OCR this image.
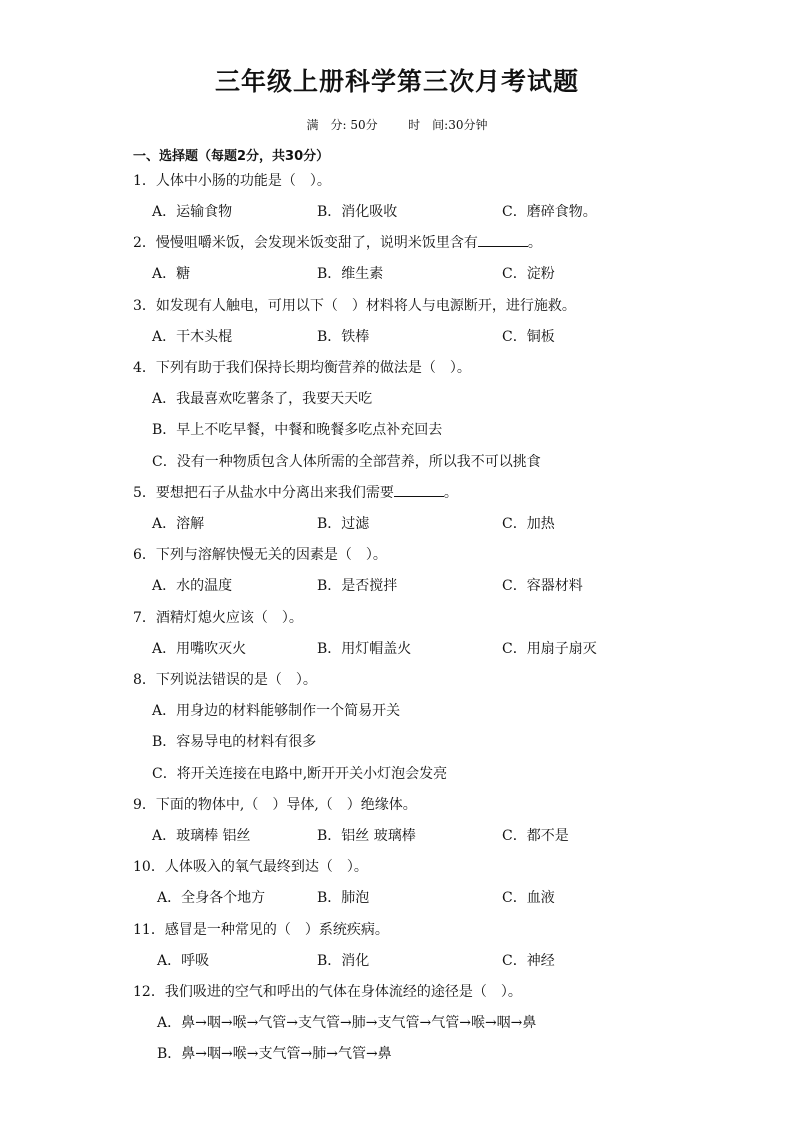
三年级上册科学第三次月考试题
满　分: 50分	时　间:30分钟
一、选择题（每题2分，共30分）
1．人体中小肠的功能是（　）。
A．运输食物	B．消化吸收	C．磨碎食物。
2．慢慢咀嚼米饭，会发现米饭变甜了，说明米饭里含有	。
A．糖	B．维生素	C．淀粉
3．如发现有人触电，可用以下（　）材料将人与电源断开，进行施救。
A．干木头棍	B．铁棒	C．铜板
4．下列有助于我们保持长期均衡营养的做法是（　）。
A．我最喜欢吃薯条了，我要天天吃
B．早上不吃早餐，中餐和晚餐多吃点补充回去
C．没有一种物质包含人体所需的全部营养，所以我不可以挑食
5．要想把石子从盐水中分离出来我们需要	。
A．溶解	B．过滤	C．加热
6．下列与溶解快慢无关的因素是（　）。
A．水的温度	B．是否搅拌	C．容器材料
7．酒精灯熄火应该（　）。
A．用嘴吹灭火	B．用灯帽盖火	C．用扇子扇灭
8．下列说法错误的是（　）。
A．用身边的材料能够制作一个简易开关
B．容易导电的材料有很多
C．将开关连接在电路中,断开开关小灯泡会发亮
9．下面的物体中,（　）导体,（　）绝缘体。
A．玻璃棒 铝丝	B．铝丝 玻璃棒	C．都不是
10．人体吸入的氧气最终到达（　）。
A．全身各个地方	B．肺泡	C．血液
11．感冒是一种常见的（　）系统疾病。
A．呼吸	B．消化	C．神经
12．我们吸进的空气和呼出的气体在身体流经的途径是（　）。
A．鼻→咽→喉→气管→支气管→肺→支气管→气管→喉→咽→鼻
B．鼻→咽→喉→支气管→肺→气管→鼻
